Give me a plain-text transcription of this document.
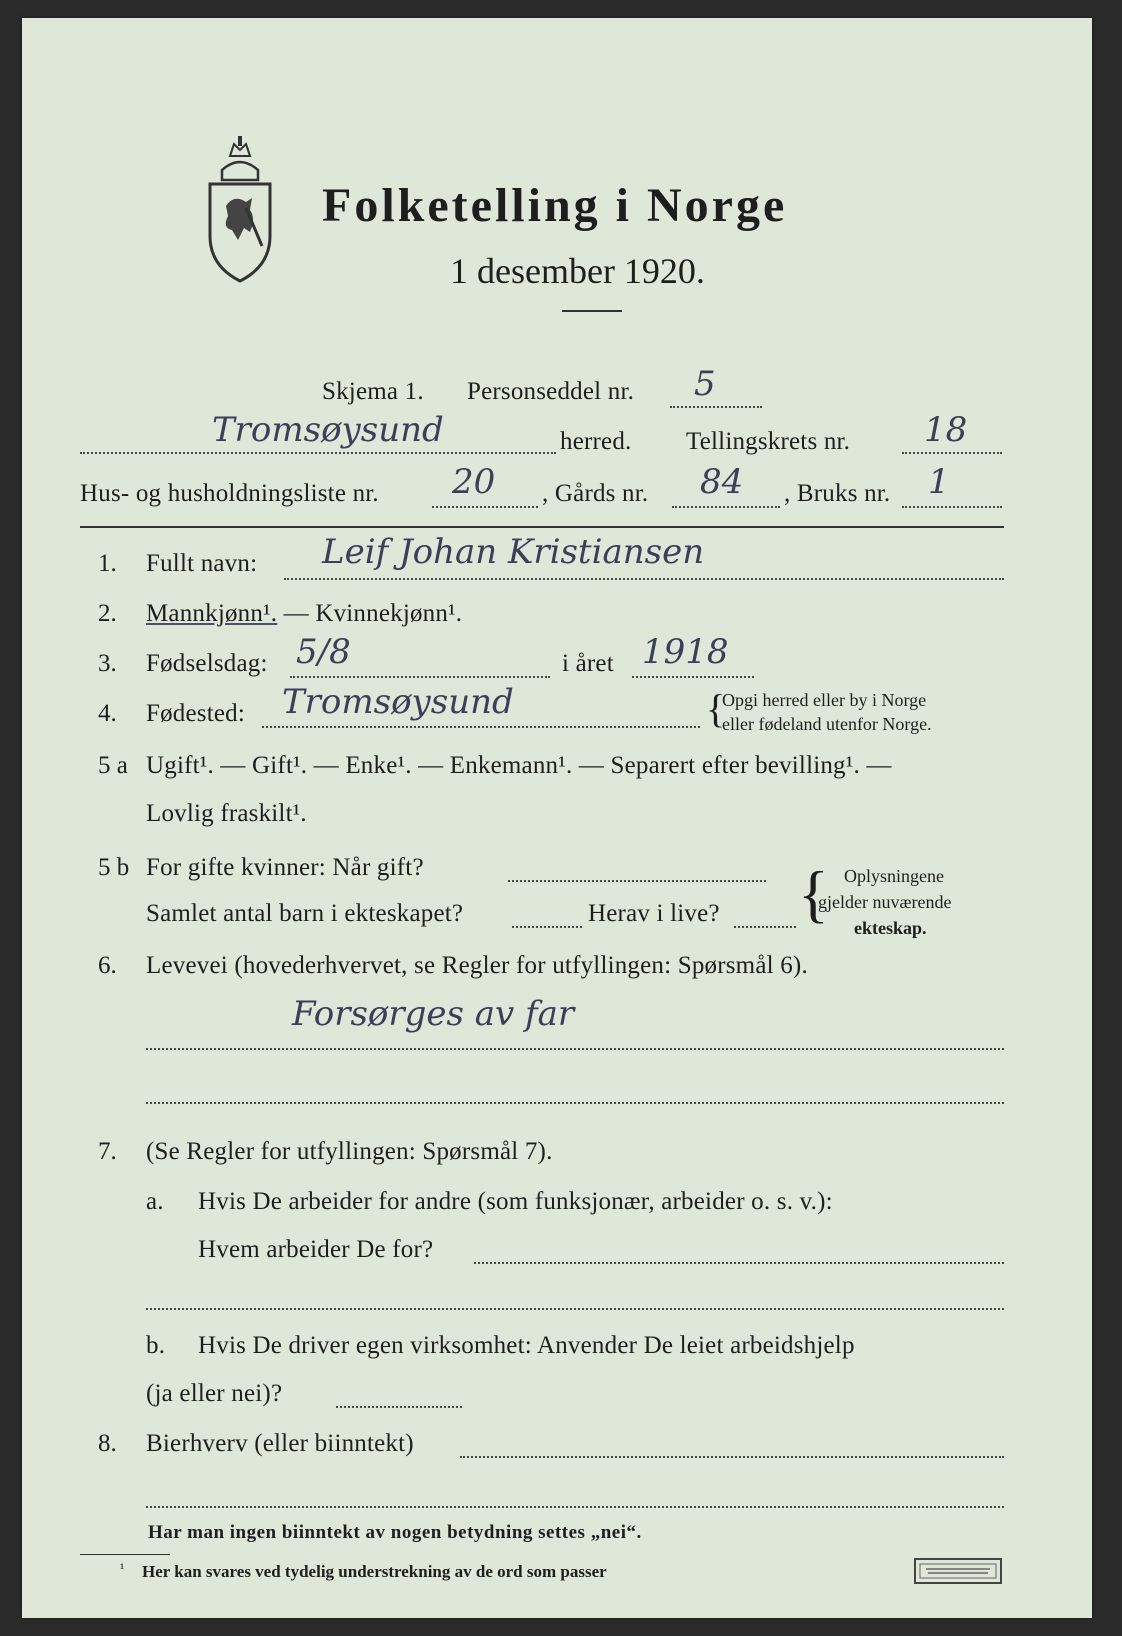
Folketelling i Norge
1 desember 1920.
Skjema 1. Personseddel nr. 5
Tromsøysund	herred. Tellingskrets nr. 18
Hus- og husholdningsliste nr. 20 , Gårds nr. 84 , Bruks nr. 1
1. Fullt navn: Leif Johan Kristiansen
2. Mannkjønn¹. — Kvinnekjønn¹.
3. Fødselsdag: 5/8	i året 1918
4. Fødested: Tromsøysund	{
Opgi herred eller by i Norge
eller fødeland utenfor Norge.
5 a Ugift¹. — Gift¹. — Enke¹. — Enkemann¹. — Separert efter bevilling¹. —
Lovlig fraskilt¹.
5 b For gifte kvinner: Når gift?
Samlet antal barn i ekteskapet?	Herav i live? { Oplysningene
gjelder nuværende
ekteskap.
6. Levevei (hovederhvervet, se Regler for utfyllingen: Spørsmål 6).
Forsørges av far
7. (Se Regler for utfyllingen: Spørsmål 7).
a. Hvis De arbeider for andre (som funksjonær, arbeider o. s. v.):
Hvem arbeider De for?
b. Hvis De driver egen virksomhet: Anvender De leiet arbeidshjelp
(ja eller nei)?
8. Bierhverv (eller biinntekt)
Har man ingen biinntekt av nogen betydning settes „nei“.
¹ Her kan svares ved tydelig understrekning av de ord som passer
